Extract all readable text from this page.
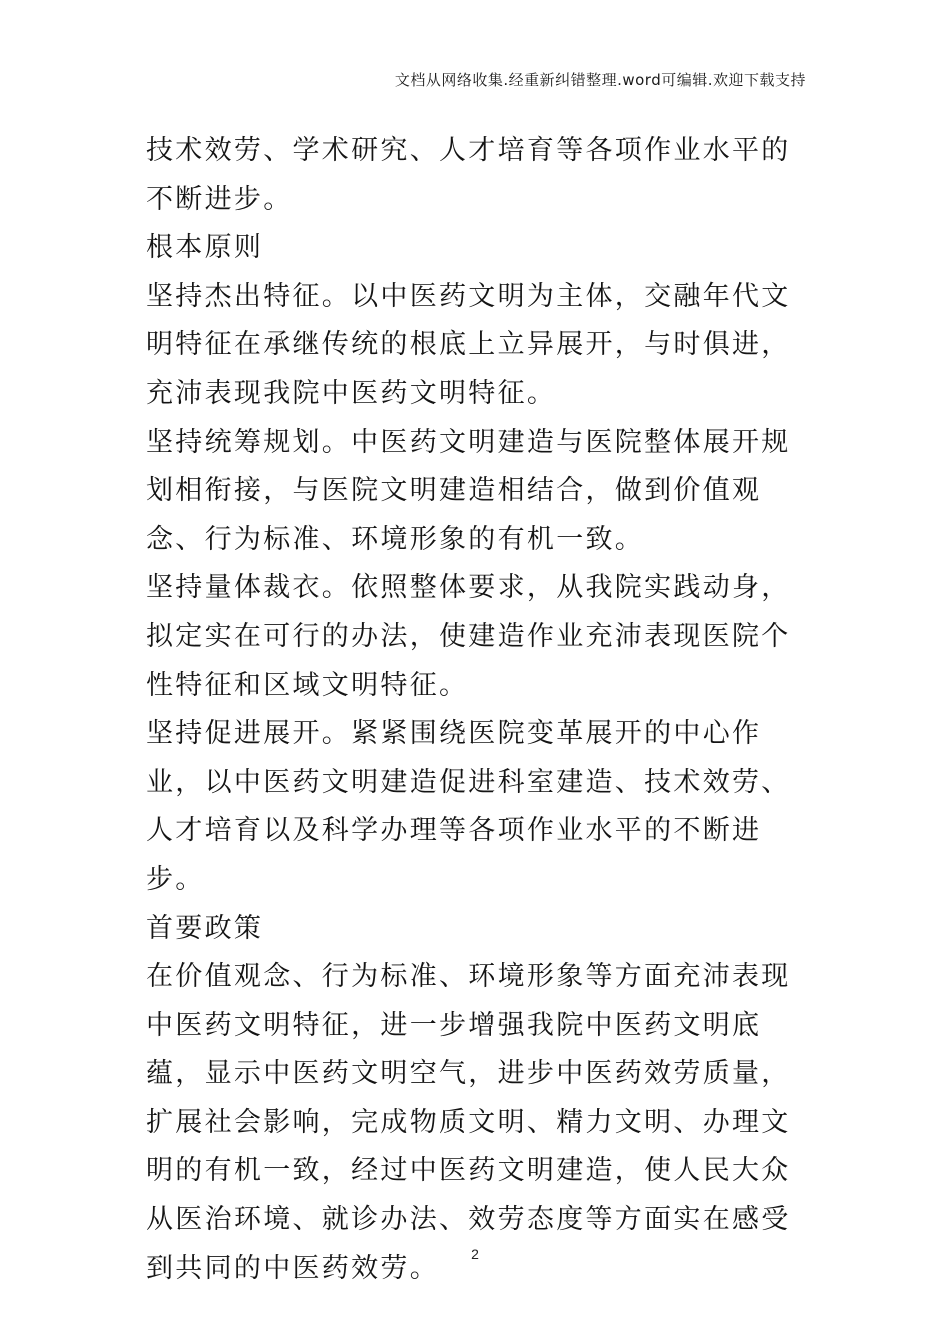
文档从网络收集.经重新纠错整理.word可编辑.欢迎下载支持

技术效劳、学术研究、人才培育等各项作业水平的不断进步。

根本原则

坚持杰出特征。以中医药文明为主体，交融年代文明特征在承继传统的根底上立异展开，与时俱进，充沛表现我院中医药文明特征。

坚持统筹规划。中医药文明建造与医院整体展开规划相衔接，与医院文明建造相结合，做到价值观念、行为标准、环境形象的有机一致。

坚持量体裁衣。依照整体要求，从我院实践动身，拟定实在可行的办法，使建造作业充沛表现医院个性特征和区域文明特征。

坚持促进展开。紧紧围绕医院变革展开的中心作业，以中医药文明建造促进科室建造、技术效劳、人才培育以及科学办理等各项作业水平的不断进步。

首要政策

在价值观念、行为标准、环境形象等方面充沛表现中医药文明特征，进一步增强我院中医药文明底蕴，显示中医药文明空气，进步中医药效劳质量，扩展社会影响，完成物质文明、精力文明、办理文明的有机一致，经过中医药文明建造，使人民大众从医治环境、就诊办法、效劳态度等方面实在感受到共同的中医药效劳。	2
